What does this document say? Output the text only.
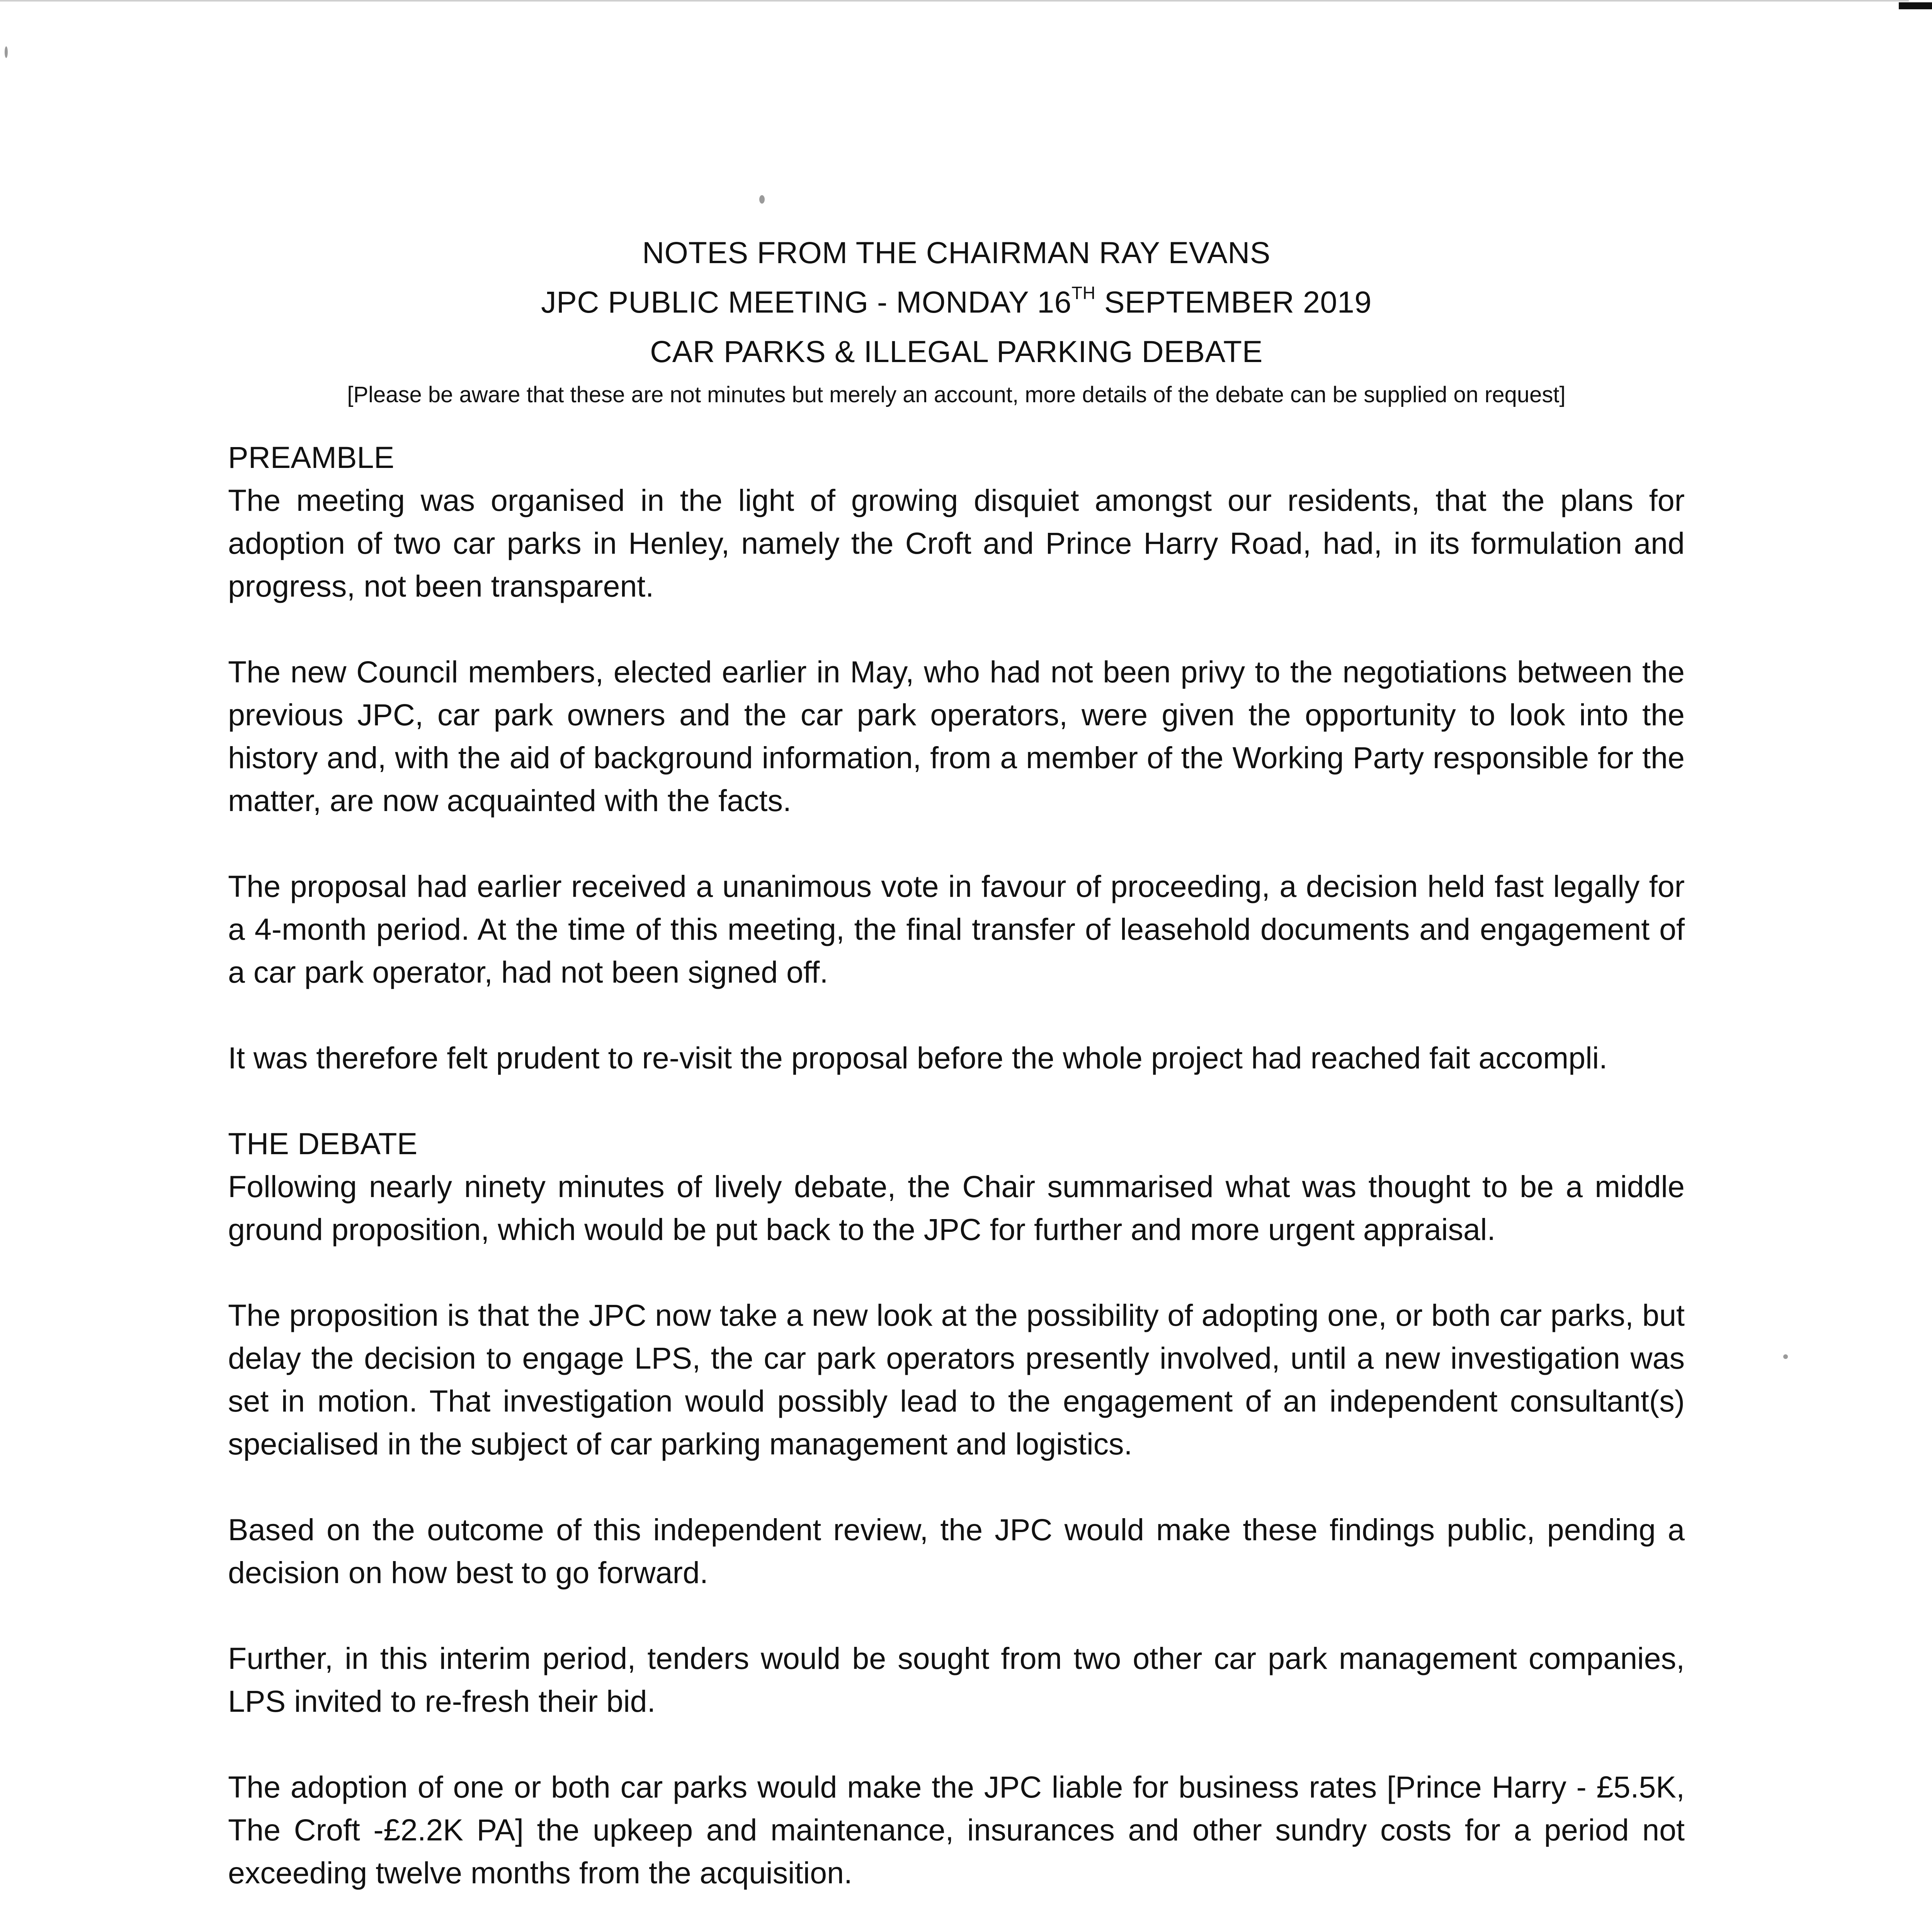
NOTES FROM THE CHAIRMAN RAY EVANS
JPC PUBLIC MEETING - MONDAY 16TH SEPTEMBER 2019
CAR PARKS & ILLEGAL PARKING DEBATE
[Please be aware that these are not minutes but merely an account, more details of the debate can be supplied on request]
PREAMBLE

The meeting was organised in the light of growing disquiet amongst our residents, that the plans for adoption of two car parks in Henley, namely the Croft and Prince Harry Road, had, in its formulation and progress, not been transparent.

The new Council members, elected earlier in May, who had not been privy to the negotiations between the previous JPC, car park owners and the car park operators, were given the opportunity to look into the history and, with the aid of background information, from a member of the Working Party responsible for the matter, are now acquainted with the facts.

The proposal had earlier received a unanimous vote in favour of proceeding, a decision held fast legally for a 4-month period. At the time of this meeting, the final transfer of leasehold documents and engagement of a car park operator, had not been signed off.

It was therefore felt prudent to re-visit the proposal before the whole project had reached fait accompli.

THE DEBATE

Following nearly ninety minutes of lively debate, the Chair summarised what was thought to be a middle ground proposition, which would be put back to the JPC for further and more urgent appraisal.

The proposition is that the JPC now take a new look at the possibility of adopting one, or both car parks, but delay the decision to engage LPS, the car park operators presently involved, until a new investigation was set in motion. That investigation would possibly lead to the engagement of an independent consultant(s) specialised in the subject of car parking management and logistics.

Based on the outcome of this independent review, the JPC would make these findings public, pending a decision on how best to go forward.

Further, in this interim period, tenders would be sought from two other car park management companies, LPS invited to re-fresh their bid.

The adoption of one or both car parks would make the JPC liable for business rates [Prince Harry - £5.5K, The Croft -£2.2K PA] the upkeep and maintenance, insurances and other sundry costs for a period not exceeding twelve months from the acquisition.
